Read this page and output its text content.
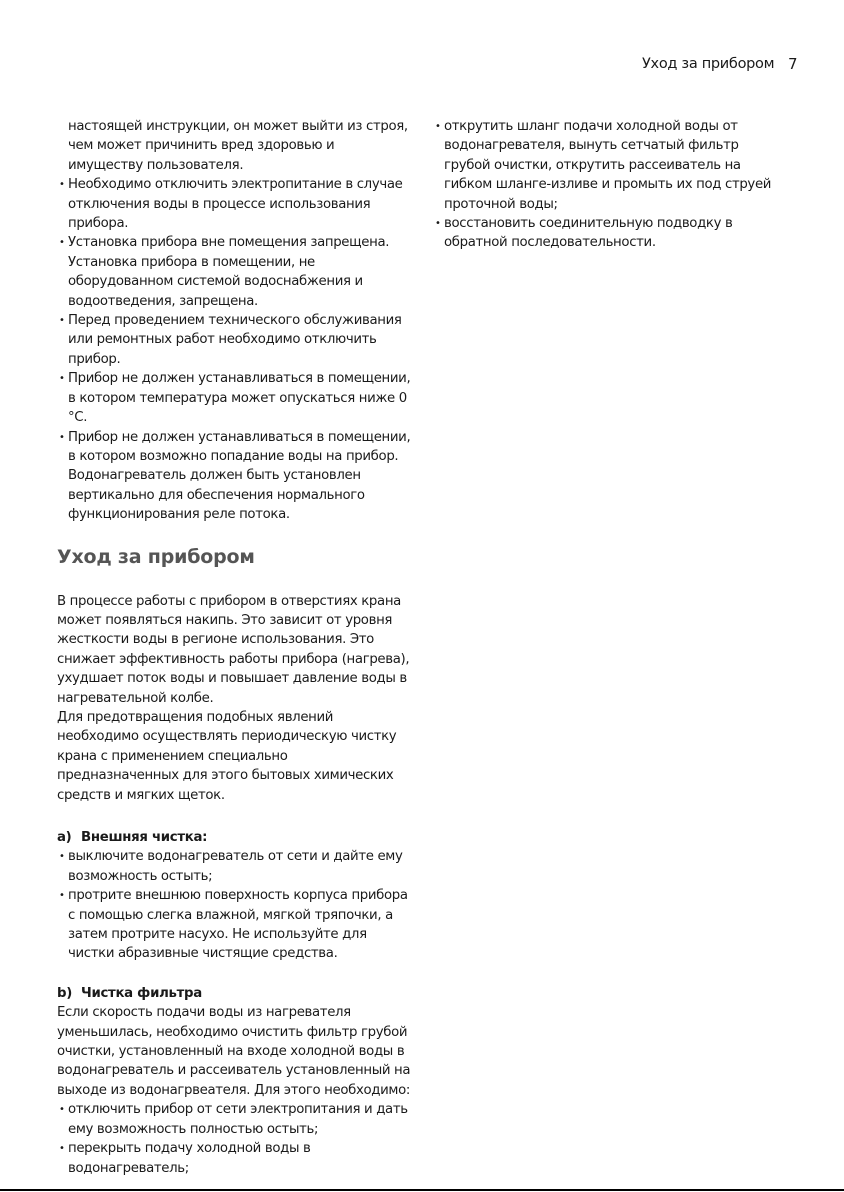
Уход за прибором 7
настоящей инструкции, он может выйти из строя, чем может причинить вред здоровью и имуществу пользователя.
• Необходимо отключить электропитание в случае отключения воды в процессе использования прибора.
• Установка прибора вне помещения запрещена. Установка прибора в помещении, не оборудованном системой водоснабжения и водоотведения, запрещена.
• Перед проведением технического обслуживания или ремонтных работ необходимо отключить прибор.
• Прибор не должен устанавливаться в помещении, в котором температура может опускаться ниже 0 °C.
• Прибор не должен устанавливаться в помещении, в котором возможно попадание воды на прибор. Водонагреватель должен быть установлен вертикально для обеспечения нормального функционирования реле потока.
Уход за прибором

В процессе работы с прибором в отверстиях крана может появляться накипь. Это зависит от уровня жесткости воды в регионе использования. Это снижает эффективность работы прибора (нагрева), ухудшает поток воды и повышает давление воды в нагревательной колбе.

Для предотвращения подобных явлений необходимо осуществлять периодическую чистку крана с применением специально предназначенных для этого бытовых химических средств и мягких щеток.

a) Внешняя чистка:
• выключите водонагреватель от сети и дайте ему возможность остыть;
• протрите внешнюю поверхность корпуса прибора с помощью слегка влажной, мягкой тряпочки, а затем протрите насухо. Не используйте для чистки абразивные чистящие средства.
b) Чистка фильтра

Если скорость подачи воды из нагревателя уменьшилась, необходимо очистить фильтр грубой очистки, установленный на входе холодной воды в водонагреватель и рассеиватель установленный на выходе из водонагрвеателя. Для этого необходимо:

• отключить прибор от сети электропитания и дать ему возможность полностью остыть;
• перекрыть подачу холодной воды в водонагреватель;
• открутить шланг подачи холодной воды от водонагревателя, вынуть сетчатый фильтр грубой очистки, открутить рассеиватель на гибком шланге-изливе и промыть их под струей проточной воды;
• восстановить соединительную подводку в обратной последовательности.
